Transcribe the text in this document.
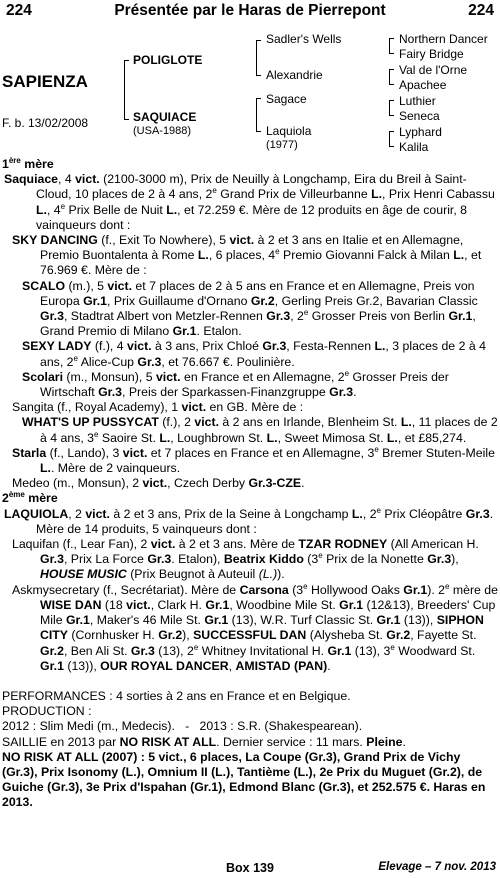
224	Présentée par le Haras de Pierrepont	224
SAPIENZA
F. b. 13/02/2008
POLIGLOTE
SAQUIACE
(USA-1988)
Sadler's Wells
Alexandrie
Sagace
Laquiola
(1977)
Northern Dancer
Fairy Bridge
Val de l'Orne
Apachee
Luthier
Seneca
Lyphard
Kalila

1ère mère

Saquiace, 4 vict. (2100-3000 m), Prix de Neuilly à Longchamp, Eira du Breil à Saint-Cloud, 10 places de 2 à 4 ans, 2e Grand Prix de Villeurbanne L., Prix Henri Cabassu L., 4e Prix Belle de Nuit L., et 72.259 €. Mère de 12 produits en âge de courir, 8 vainqueurs dont :

SKY DANCING (f., Exit To Nowhere), 5 vict. à 2 et 3 ans en Italie et en Allemagne, Premio Buontalenta à Rome L., 6 places, 4e Premio Giovanni Falck à Milan L., et 76.969 €. Mère de :

SCALO (m.), 5 vict. et 7 places de 2 à 5 ans en France et en Allemagne, Preis von Europa Gr.1, Prix Guillaume d'Ornano Gr.2, Gerling Preis Gr.2, Bavarian Classic Gr.3, Stadtrat Albert von Metzler-Rennen Gr.3, 2e Grosser Preis von Berlin Gr.1, Grand Premio di Milano Gr.1. Etalon.

SEXY LADY (f.), 4 vict. à 3 ans, Prix Chloé Gr.3, Festa-Rennen L., 3 places de 2 à 4 ans, 2e Alice-Cup Gr.3, et 76.667 €. Poulinière.

Scolari (m., Monsun), 5 vict. en France et en Allemagne, 2e Grosser Preis der Wirtschaft Gr.3, Preis der Sparkassen-Finanzgruppe Gr.3.

Sangita (f., Royal Academy), 1 vict. en GB. Mère de :

WHAT'S UP PUSSYCAT (f.), 2 vict. à 2 ans en Irlande, Blenheim St. L., 11 places de 2 à 4 ans, 3e Saoire St. L., Loughbrown St. L., Sweet Mimosa St. L., et £85,274.

Starla (f., Lando), 3 vict. et 7 places en France et en Allemagne, 3e Bremer Stuten-Meile L.. Mère de 2 vainqueurs.

Medeo (m., Monsun), 2 vict., Czech Derby Gr.3-CZE.

2ème mère

LAQUIOLA, 2 vict. à 2 et 3 ans, Prix de la Seine à Longchamp L., 2e Prix Cléopâtre Gr.3. Mère de 14 produits, 5 vainqueurs dont :

Laquifan (f., Lear Fan), 2 vict. à 2 et 3 ans. Mère de TZAR RODNEY (All American H. Gr.3, Prix La Force Gr.3. Etalon), Beatrix Kiddo (3e Prix de la Nonette Gr.3), HOUSE MUSIC (Prix Beugnot à Auteuil (L.)).

Askmysecretary (f., Secrétariat). Mère de Carsona (3e Hollywood Oaks Gr.1). 2e mère de WISE DAN (18 vict., Clark H. Gr.1, Woodbine Mile St. Gr.1 (12&13), Breeders' Cup Mile Gr.1, Maker's 46 Mile St. Gr.1 (13), W.R. Turf Classic St. Gr.1 (13)), SIPHON CITY (Cornhusker H. Gr.2), SUCCESSFUL DAN (Alysheba St. Gr.2, Fayette St. Gr.2, Ben Ali St. Gr.3 (13), 2e Whitney Invitational H. Gr.1 (13), 3e Woodward St. Gr.1 (13)), OUR ROYAL DANCER, AMISTAD (PAN).

PERFORMANCES : 4 sorties à 2 ans en France et en Belgique.

PRODUCTION :

2012 : Slim Medi (m., Medecis).   -   2013 : S.R. (Shakespearean).

SAILLIE en 2013 par NO RISK AT ALL. Dernier service : 11 mars. Pleine.

NO RISK AT ALL (2007) : 5 vict., 6 places, La Coupe (Gr.3), Grand Prix de Vichy (Gr.3), Prix Isonomy (L.), Omnium II (L.), Tantième (L.), 2e Prix du Muguet (Gr.2), de Guiche (Gr.3), 3e Prix d'Ispahan (Gr.1), Edmond Blanc (Gr.3), et 252.575 €. Haras en 2013.

Box 139	Elevage – 7 nov. 2013
